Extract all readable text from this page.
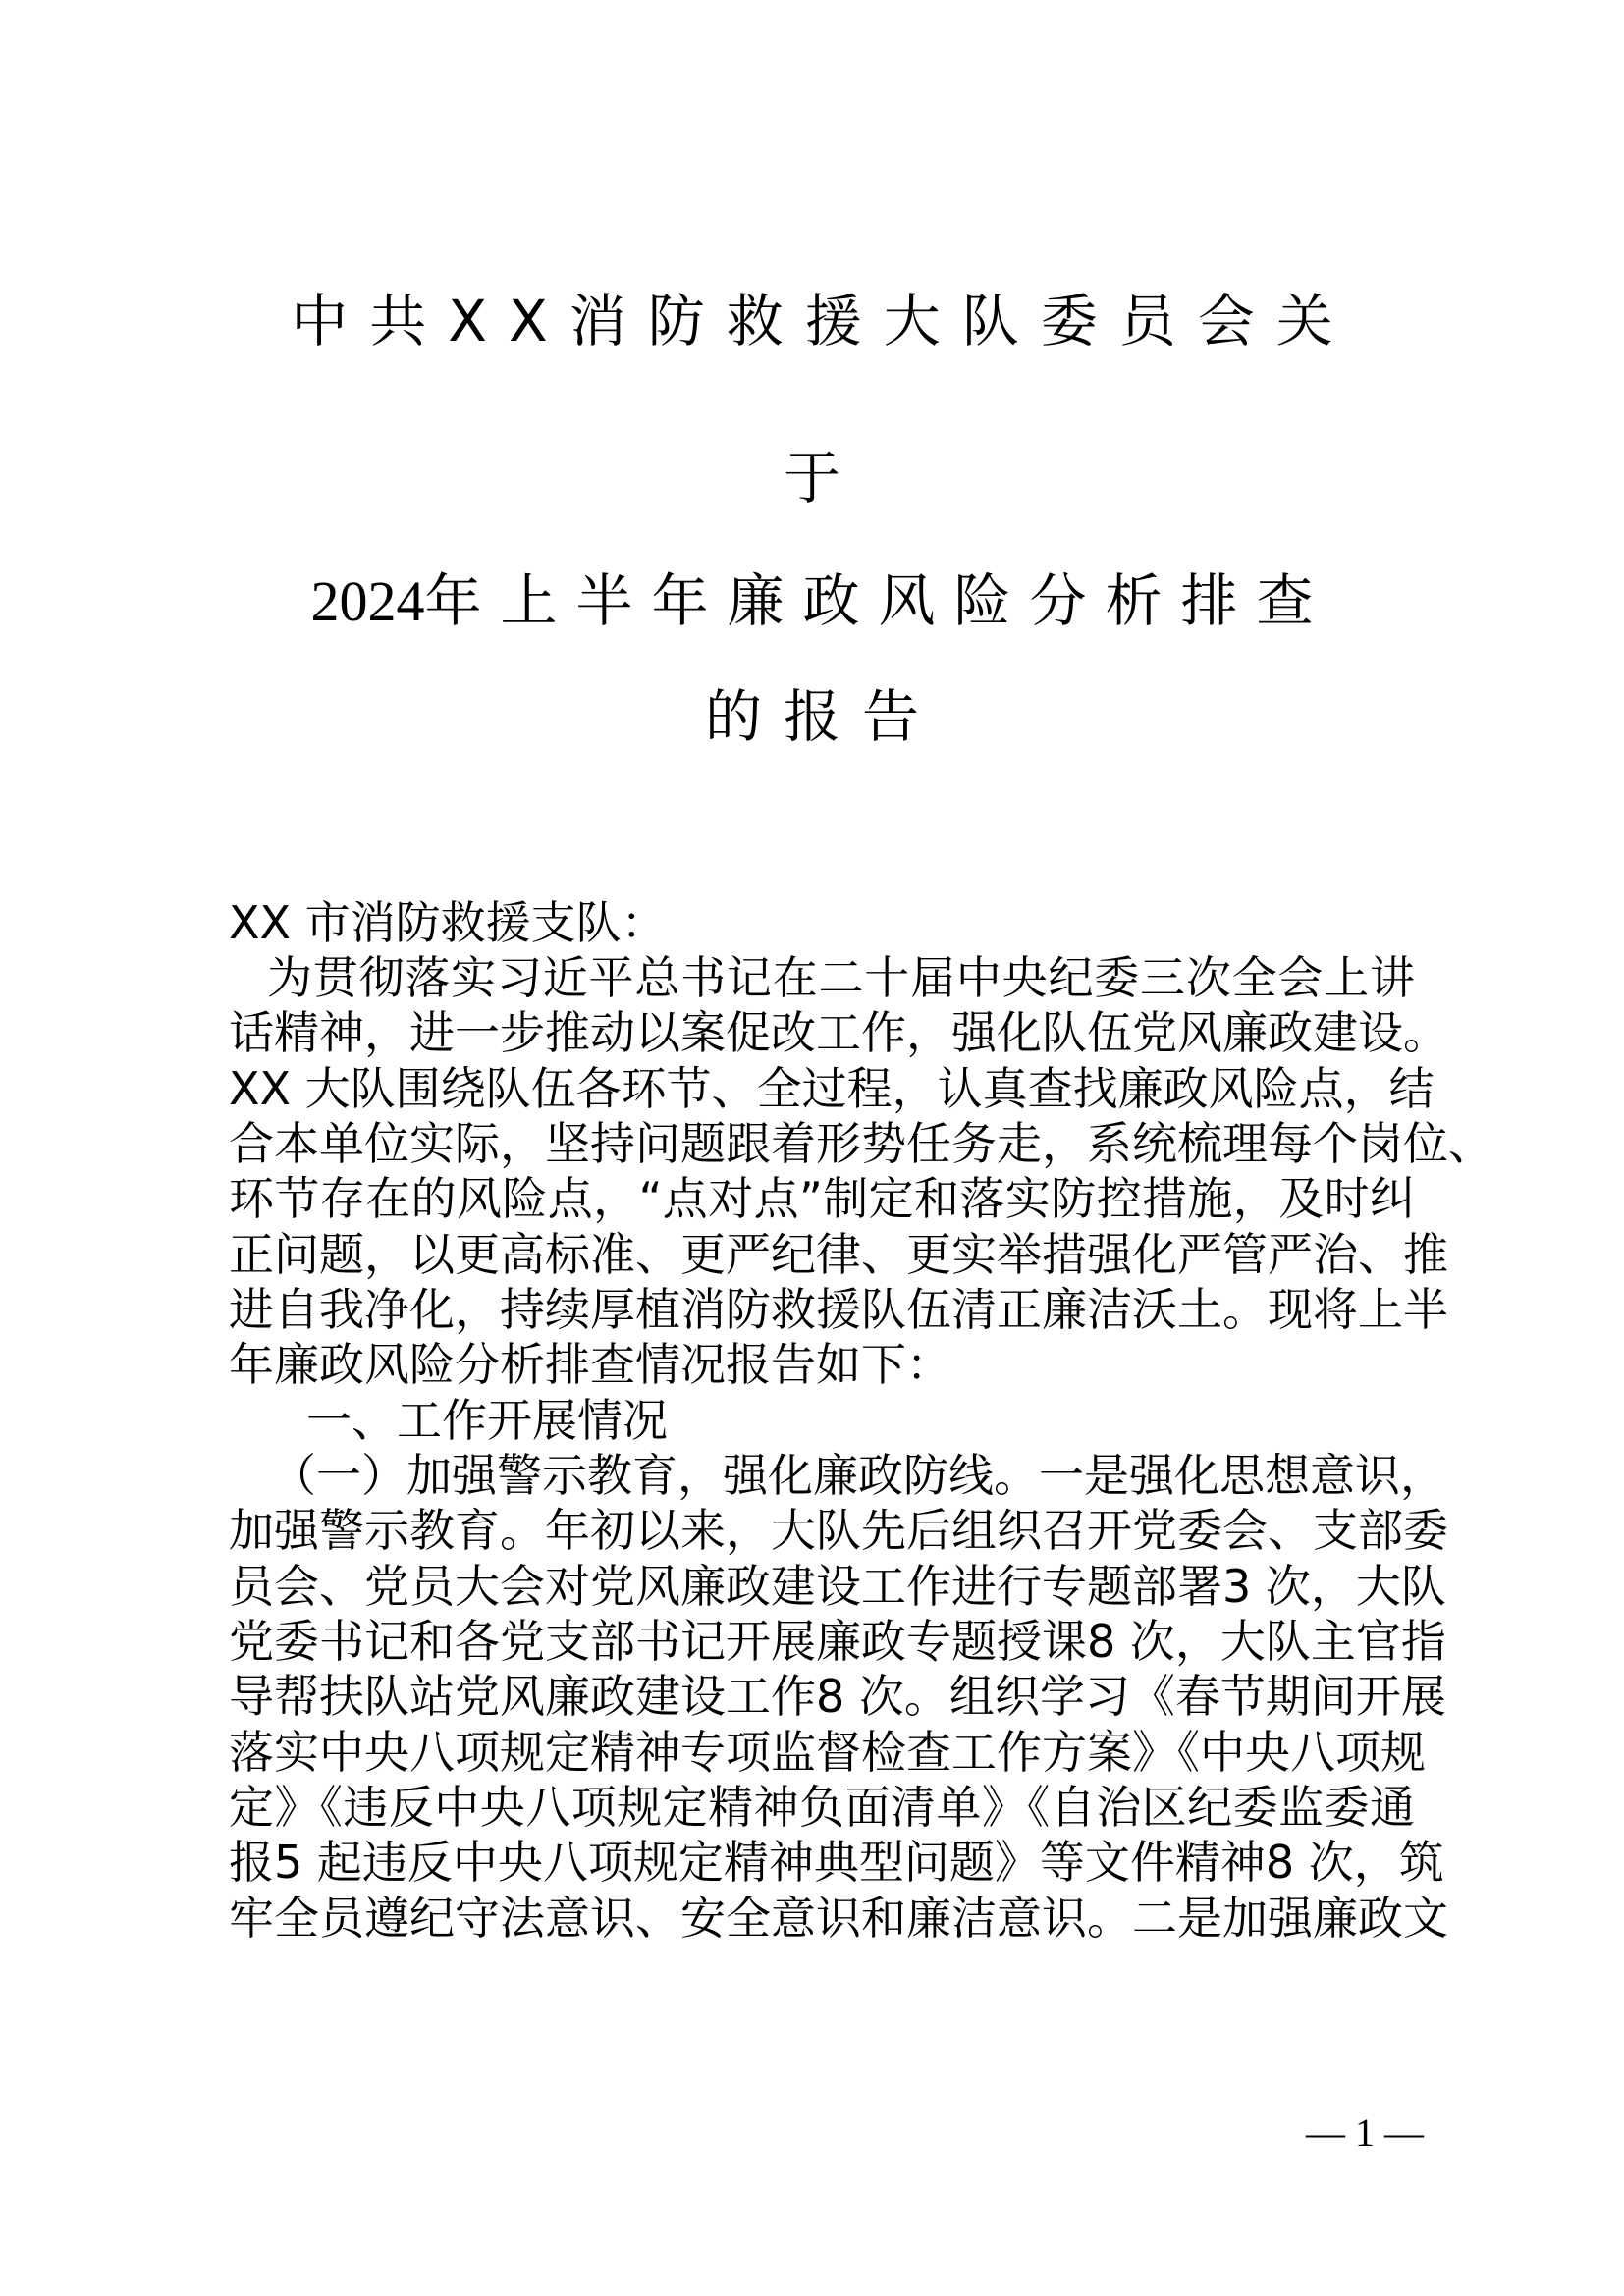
中共XX消防救援大队委员会关
于
2024年上半年廉政风险分析排查
的报告
XX 市消防救援支队：
为贯彻落实习近平总书记在二十届中央纪委三次全会上讲
话精神，进一步推动以案促改工作，强化队伍党风廉政建设。
XX 大队围绕队伍各环节、全过程，认真查找廉政风险点，结
合本单位实际，坚持问题跟着形势任务走，系统梳理每个岗位、
环节存在的风险点，“点对点”制定和落实防控措施，及时纠
正问题，以更高标准、更严纪律、更实举措强化严管严治、推
进自我净化，持续厚植消防救援队伍清正廉洁沃土。现将上半
年廉政风险分析排查情况报告如下：
一、工作开展情况
（一）加强警示教育，强化廉政防线。一是强化思想意识，
加强警示教育。年初以来，大队先后组织召开党委会、支部委
员会、党员大会对党风廉政建设工作进行专题部署3 次，大队
党委书记和各党支部书记开展廉政专题授课8 次，大队主官指
导帮扶队站党风廉政建设工作8 次。组织学习《春节期间开展
落实中央八项规定精神专项监督检查工作方案》《中央八项规
定》《违反中央八项规定精神负面清单》《自治区纪委监委通
报5 起违反中央八项规定精神典型问题》等文件精神8 次，筑
牢全员遵纪守法意识、安全意识和廉洁意识。二是加强廉政文
— 1 —
